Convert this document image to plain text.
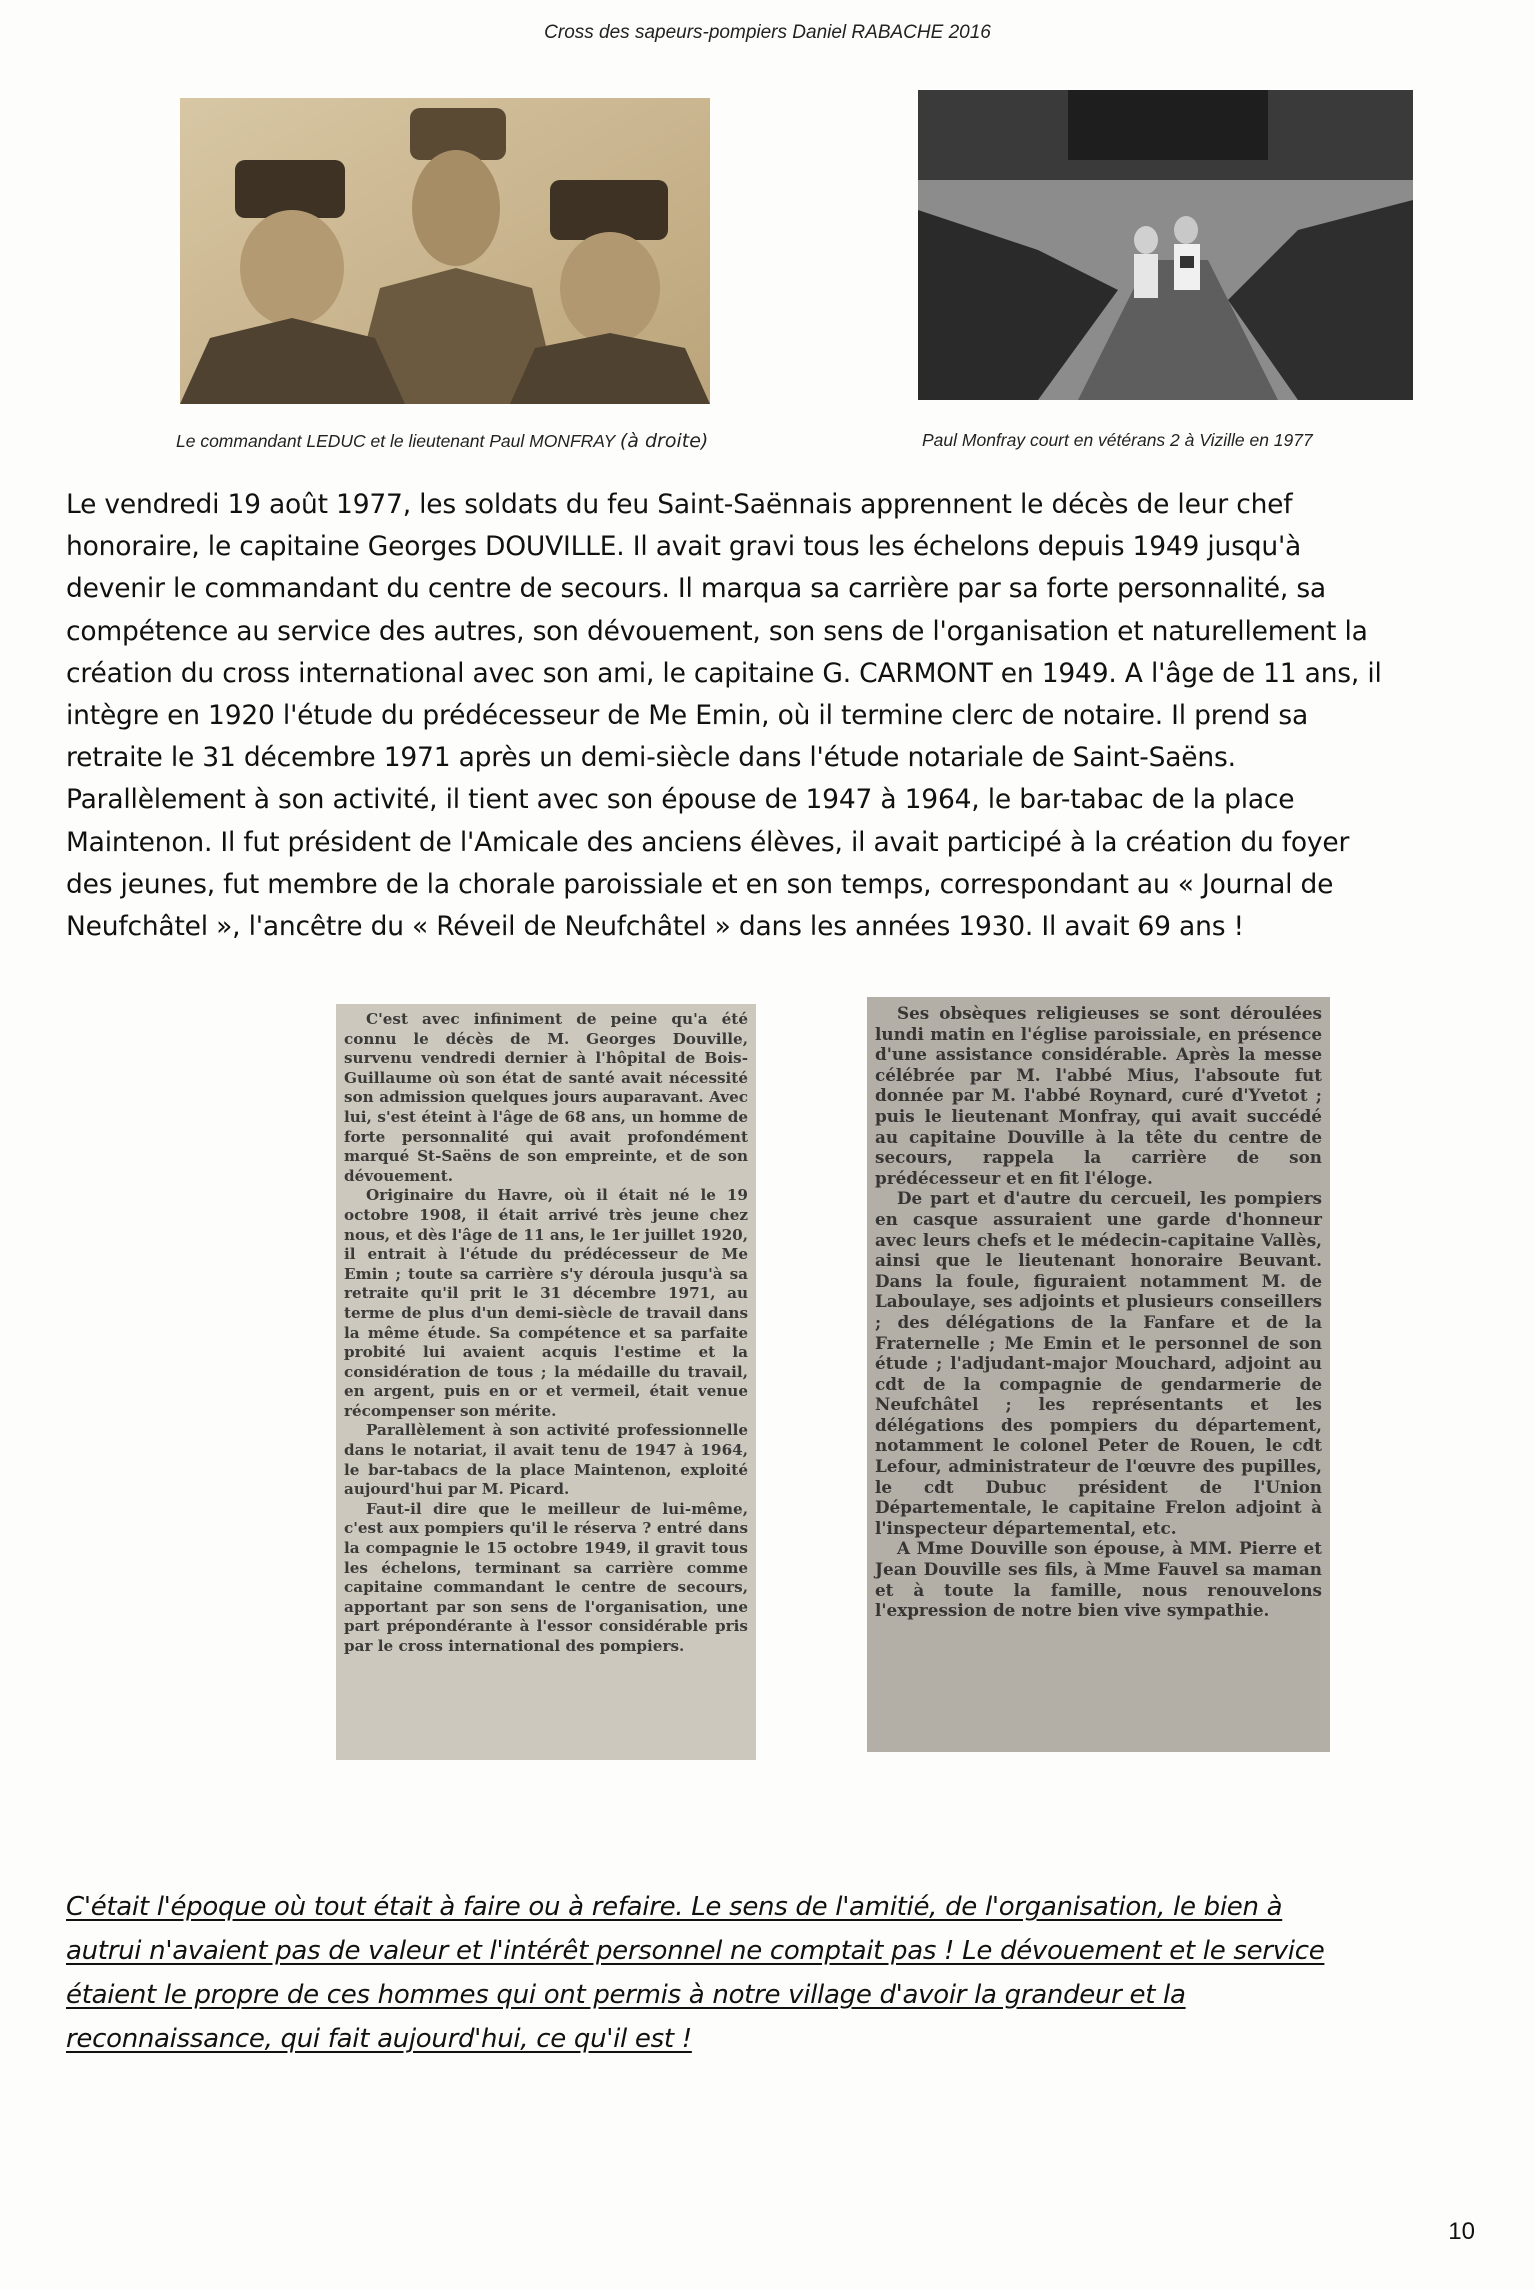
Cross des sapeurs-pompiers Daniel RABACHE 2016
Le commandant LEDUC et le lieutenant Paul MONFRAY (à droite)	Paul Monfray court en vétérans 2 à Vizille en 1977
Le vendredi 19 août 1977, les soldats du feu Saint-Saënnais apprennent le décès de leur chef
honoraire, le capitaine Georges DOUVILLE. Il avait gravi tous les échelons depuis 1949 jusqu'à
devenir le commandant du centre de secours. Il marqua sa carrière par sa forte personnalité, sa
compétence au service des autres, son dévouement, son sens de l'organisation et naturellement la
création du cross international avec son ami, le capitaine G. CARMONT en 1949. A l'âge de 11 ans, il
intègre en 1920 l'étude du prédécesseur de Me Emin, où il termine clerc de notaire. Il prend sa
retraite le 31 décembre 1971 après un demi-siècle dans l'étude notariale de Saint-Saëns.
Parallèlement à son activité, il tient avec son épouse de 1947 à 1964, le bar-tabac de la place
Maintenon. Il fut président de l'Amicale des anciens élèves, il avait participé à la création du foyer
des jeunes, fut membre de la chorale paroissiale et en son temps, correspondant au « Journal de
Neufchâtel », l'ancêtre du « Réveil de Neufchâtel » dans les années 1930. Il avait 69 ans !

C'est avec infiniment de peine qu'a été connu le décès de M. Georges Douville, survenu vendredi dernier à l'hôpital de Bois-Guillaume où son état de santé avait nécessité son admission quelques jours auparavant. Avec lui, s'est éteint à l'âge de 68 ans, un homme de forte personnalité qui avait profondément marqué St-Saëns de son empreinte, et de son dévouement.

Originaire du Havre, où il était né le 19 octobre 1908, il était arrivé très jeune chez nous, et dès l'âge de 11 ans, le 1er juillet 1920, il entrait à l'étude du prédécesseur de Me Emin ; toute sa carrière s'y déroula jusqu'à sa retraite qu'il prit le 31 décembre 1971, au terme de plus d'un demi-siècle de travail dans la même étude. Sa compétence et sa parfaite probité lui avaient acquis l'estime et la considération de tous ; la médaille du travail, en argent, puis en or et vermeil, était venue récompenser son mérite.

Parallèlement à son activité professionnelle dans le notariat, il avait tenu de 1947 à 1964, le bar-tabacs de la place Maintenon, exploité aujourd'hui par M. Picard.

Faut-il dire que le meilleur de lui-même, c'est aux pompiers qu'il le réserva ? entré dans la compagnie le 15 octobre 1949, il gravit tous les échelons, terminant sa carrière comme capitaine commandant le centre de secours, apportant par son sens de l'organisation, une part prépondérante à l'essor considérable pris par le cross international des pompiers.

Ses obsèques religieuses se sont déroulées lundi matin en l'église paroissiale, en présence d'une assistance considérable. Après la messe célébrée par M. l'abbé Mius, l'absoute fut donnée par M. l'abbé Roynard, curé d'Yvetot ; puis le lieutenant Monfray, qui avait succédé au capitaine Douville à la tête du centre de secours, rappela la carrière de son prédécesseur et en fit l'éloge.

De part et d'autre du cercueil, les pompiers en casque assuraient une garde d'honneur avec leurs chefs et le médecin-capitaine Vallès, ainsi que le lieutenant honoraire Beuvant. Dans la foule, figuraient notamment M. de Laboulaye, ses adjoints et plusieurs conseillers ; des délégations de la Fanfare et de la Fraternelle ; Me Emin et le personnel de son étude ; l'adjudant-major Mouchard, adjoint au cdt de la compagnie de gendarmerie de Neufchâtel ; les représentants et les délégations des pompiers du département, notamment le colonel Peter de Rouen, le cdt Lefour, administrateur de l'œuvre des pupilles, le cdt Dubuc président de l'Union Départementale, le capitaine Frelon adjoint à l'inspecteur départemental, etc.

A Mme Douville son épouse, à MM. Pierre et Jean Douville ses fils, à Mme Fauvel sa maman et à toute la famille, nous renouvelons l'expression de notre bien vive sympathie.

C'était l'époque où tout était à faire ou à refaire. Le sens de l'amitié, de l'organisation, le bien à
autrui n'avaient pas de valeur et l'intérêt personnel ne comptait pas ! Le dévouement et le service
étaient le propre de ces hommes qui ont permis à notre village d'avoir la grandeur et la
reconnaissance, qui fait aujourd'hui, ce qu'il est !
10
